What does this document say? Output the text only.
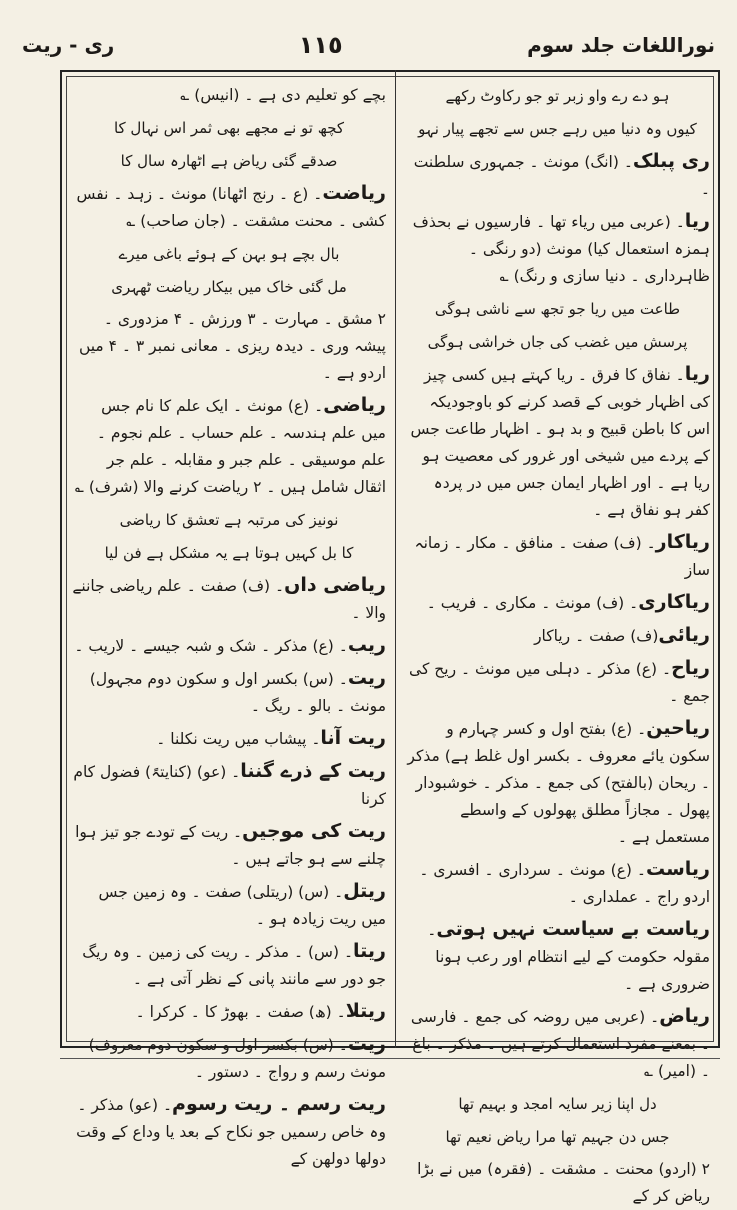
نوراللغات جلد سوم
١١٥
ری - ریت
ہو دے رے واو زبر تو جو رکاوٹ رکھے
کیوں وہ دنیا میں رہے جس سے تجھے پیار نہو
ری پبلک۔ (انگ) مونث ۔ جمہوری سلطنت ۔
ریا۔ (عربی میں ریاء تھا ۔ فارسیوں نے بحذف ہمزہ استعمال کیا) مونث (دو رنگی ۔ ظاہرداری ۔ دنیا سازی و رنگ) ؎
طاعت میں ریا جو تجھ سے ناشی ہوگی
پرسش میں غضب کی جاں خراشی ہوگی
ریا۔ نفاق کا فرق ۔ ریا کہتے ہیں کسی چیز کی اظہار خوبی کے قصد کرنے کو باوجودیکہ اس کا باطن قبیح و بد ہو ۔ اظہار طاعت جس کے پردے میں شیخی اور غرور کی معصیت ہو ریا ہے ۔ اور اظہار ایمان جس میں در پردہ کفر ہو نفاق ہے ۔
ریاکار۔ (ف) صفت ۔ منافق ۔ مکار ۔ زمانہ ساز
ریاکاری۔ (ف) مونث ۔ مکاری ۔ فریب ۔
ریائی(ف) صفت ۔ ریاکار
ریاح۔ (ع) مذکر ۔ دہلی میں مونث ۔ ریح کی جمع ۔
ریاحین۔ (ع) بفتح اول و کسر چہارم و سکون یائے معروف ۔ بکسر اول غلط ہے) مذکر ۔ ریحان (بالفتح) کی جمع ۔ مذکر ۔ خوشبودار پھول ۔ مجازاً مطلق پھولوں کے واسطے مستعمل ہے ۔
ریاست۔ (ع) مونث ۔ سرداری ۔ افسری ۔ اردو راج ۔ عملداری ۔
ریاست بے سیاست نہیں ہوتی۔ مقولہ حکومت کے لیے انتظام اور رعب ہونا ضروری ہے ۔
ریاض۔ (عربی میں روضہ کی جمع ۔ فارسی ۔ بمعنے مفرد استعمال کرتے ہیں ۔ مذکر ۔ باغ ۔ (امیر) ؎
دل اپنا زیر سایہ امجد و بہیم تھا
جس دن جہیم تھا مرا ریاض نعیم تھا
۲ (اردو) محنت ۔ مشقت ۔ (فقرہ) میں نے بڑا ریاض کر کے
بچے کو تعلیم دی ہے ۔ (انیس) ؎
کچھ تو نے مجھے بھی ثمر اس نہال کا
صدقے گئی ریاض ہے اٹھارہ سال کا
ریاضت۔ (ع ۔ رنج اٹھانا) مونث ۔ زہد ۔ نفس کشی ۔ محنت مشقت ۔ (جان صاحب) ؎
بال بچے ہو بہن کے ہوئے باغی میرے
مل گئی خاک میں بیکار ریاضت ٹھہری
۲ مشق ۔ مہارت ۔ ۳ ورزش ۔ ۴ مزدوری ۔ پیشہ وری ۔ دیدہ ریزی ۔ معانی نمبر ۳ ۔ ۴ میں اردو ہے ۔
ریاضی۔ (ع) مونث ۔ ایک علم کا نام جس میں علم ہندسہ ۔ علم حساب ۔ علم نجوم ۔ علم موسیقی ۔ علم جبر و مقابلہ ۔ علم جر اثقال شامل ہیں ۔ ۲ ریاضت کرنے والا (شرف) ؎
نونیز کی مرتبہ ہے تعشق کا ریاضی
کا بل کہیں ہوتا ہے یہ مشکل ہے فن لیا
ریاضی داں۔ (ف) صفت ۔ علم ریاضی جاننے والا ۔
ریب۔ (ع) مذکر ۔ شک و شبہ جیسے ۔ لاریب ۔
ریت۔ (س) بکسر اول و سکون دوم مجہول) مونث ۔ بالو ۔ ریگ ۔
ریت آنا۔ پیشاب میں ریت نکلنا ۔
ریت کے ذرے گننا۔ (عو) (کنایتہً) فضول کام کرنا
ریت کی موجیں۔ ریت کے تودے جو تیز ہوا چلنے سے ہو جاتے ہیں ۔
ریتل۔ (س) (ریتلی) صفت ۔ وہ زمین جس میں ریت زیادہ ہو ۔
ریتا۔ (س) ۔ مذکر ۔ ریت کی زمین ۔ وہ ریگ جو دور سے مانند پانی کے نظر آتی ہے ۔
ریتلا۔ (ھ) صفت ۔ بھوڑ کا ۔ کرکرا ۔
ریت۔ (س) بکسر اول و سکون دوم معروف) مونث رسم و رواج ۔ دستور ۔
ریت رسم ۔ ریت رسوم۔ (عو) مذکر ۔ وہ خاص رسمیں جو نکاح کے بعد یا وداع کے وقت دولھا دولھن کے
